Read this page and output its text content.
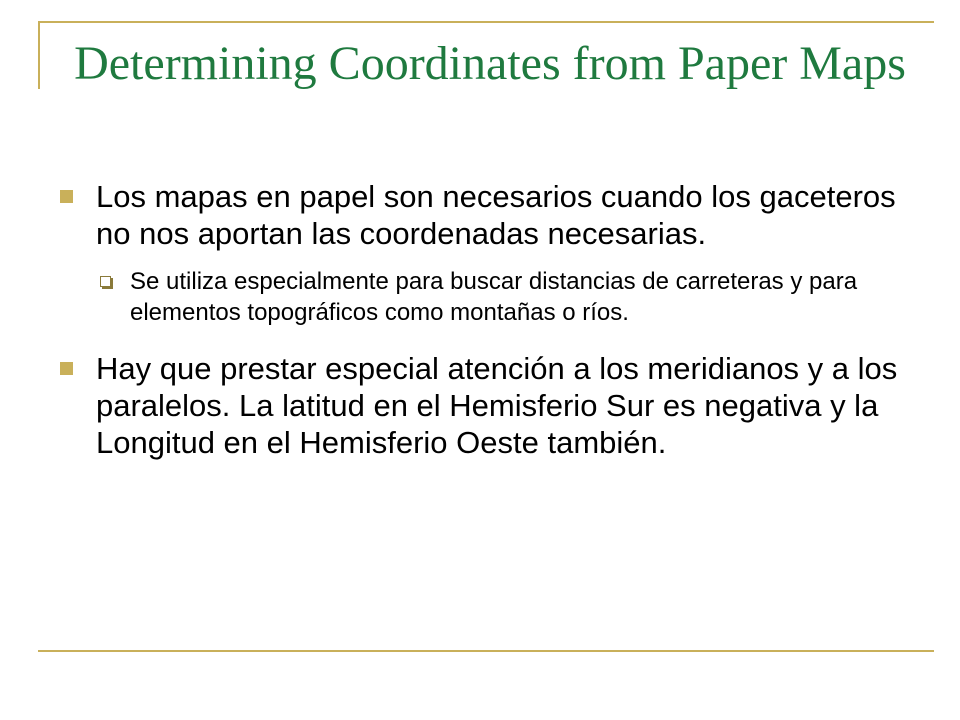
Determining Coordinates from Paper Maps
Los mapas en papel son necesarios cuando los gaceteros no nos aportan las coordenadas necesarias.
Se utiliza especialmente para buscar distancias de carreteras y para elementos topográficos como montañas o ríos.
Hay que prestar especial atención a los meridianos y a los paralelos. La latitud en el Hemisferio Sur es negativa y la Longitud en el Hemisferio Oeste también.
